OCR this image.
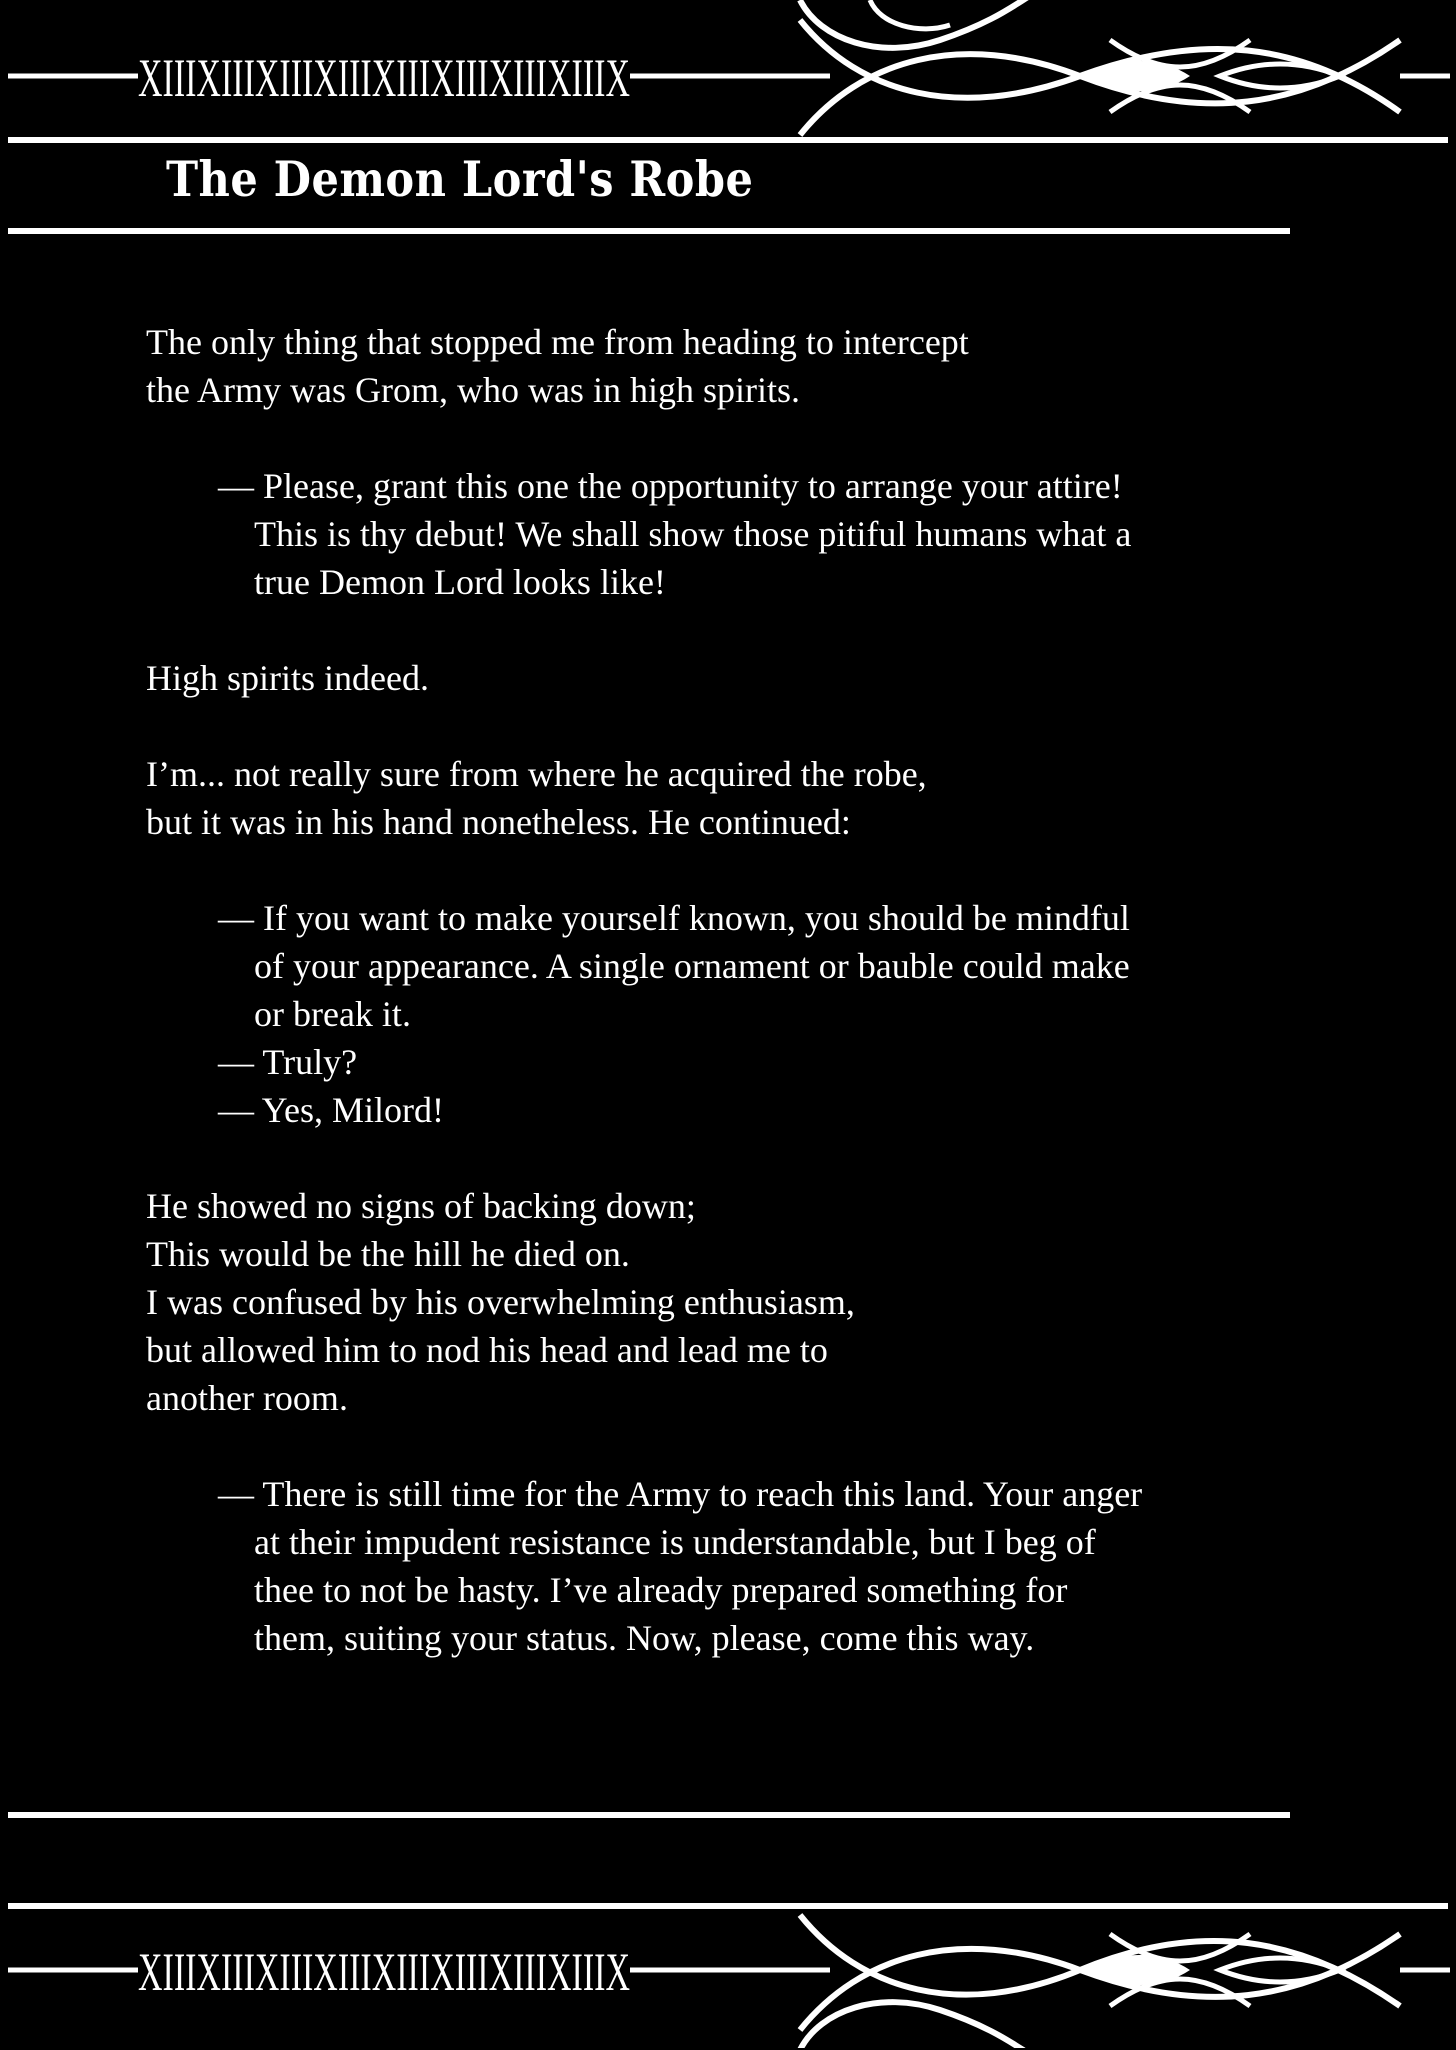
XIIIXIIIXIIIXIIIXIIIXIIIXIIIXIIIX
The Demon Lord's Robe

The only thing that stopped me from heading to intercept
the Army was Grom, who was in high spirits.

— Please, grant this one the opportunity to arrange your attire! This is thy debut! We shall show those pitiful humans what a true Demon Lord looks like!

High spirits indeed.

I’m... not really sure from where he acquired the robe,
but it was in his hand nonetheless. He continued:

— If you want to make yourself known, you should be mindful of your appearance. A single ornament or bauble could make or break it.

— Truly?

— Yes, Milord!

He showed no signs of backing down;
This would be the hill he died on.
I was confused by his overwhelming enthusiasm,
but allowed him to nod his head and lead me to
another room.

— There is still time for the Army to reach this land. Your anger at their impudent resistance is understandable, but I beg of thee to not be hasty. I’ve already prepared something for them, suiting your status. Now, please, come this way.

XIIIXIIIXIIIXIIIXIIIXIIIXIIIXIIIX
